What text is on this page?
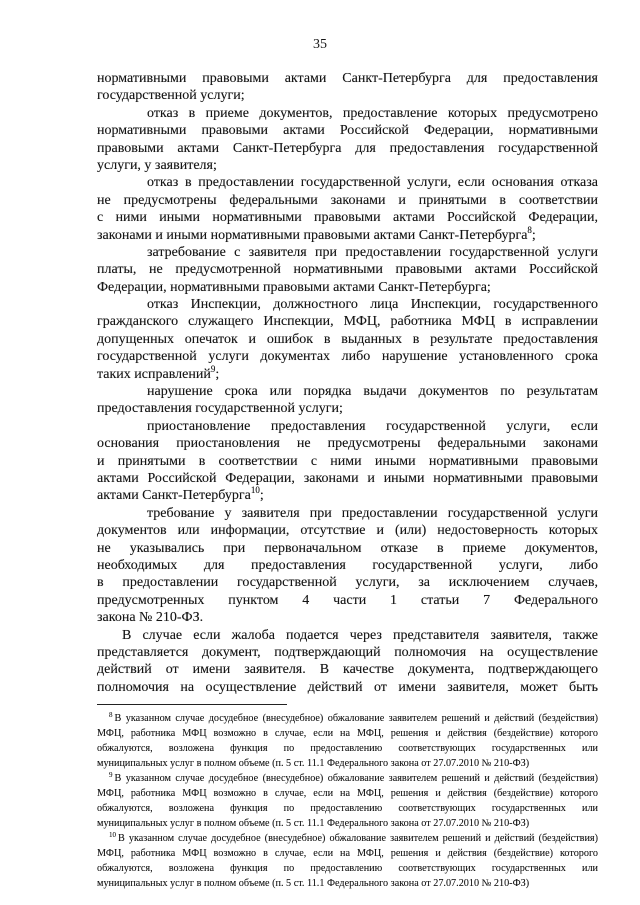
35
нормативными правовыми актами Санкт-Петербурга для предоставления
государственной услуги;
отказ в приеме документов, предоставление которых предусмотрено
нормативными правовыми актами Российской Федерации, нормативными
правовыми актами Санкт-Петербурга для предоставления государственной
услуги, у заявителя;
отказ в предоставлении государственной услуги, если основания отказа
не предусмотрены федеральными законами и принятыми в соответствии
с ними иными нормативными правовыми актами Российской Федерации,
законами и иными нормативными правовыми актами Санкт-Петербурга$^8$;
затребование с заявителя при предоставлении государственной услуги
платы, не предусмотренной нормативными правовыми актами Российской
Федерации, нормативными правовыми актами Санкт-Петербурга;
отказ Инспекции, должностного лица Инспекции, государственного
гражданского служащего Инспекции, МФЦ, работника МФЦ в исправлении
допущенных опечаток и ошибок в выданных в результате предоставления
государственной услуги документах либо нарушение установленного срока
таких исправлений$^9$;
нарушение срока или порядка выдачи документов по результатам
предоставления государственной услуги;
приостановление предоставления государственной услуги, если
основания приостановления не предусмотрены федеральными законами
и принятыми в соответствии с ними иными нормативными правовыми
актами Российской Федерации, законами и иными нормативными правовыми
актами Санкт-Петербурга$^{10}$;
требование у заявителя при предоставлении государственной услуги
документов или информации, отсутствие и (или) недостоверность которых
не указывались при первоначальном отказе в приеме документов,
необходимых для предоставления государственной услуги, либо
в предоставлении государственной услуги, за исключением случаев,
предусмотренных пунктом 4 части 1 статьи 7 Федерального
закона № 210-ФЗ.
В случае если жалоба подается через представителя заявителя, также
представляется документ, подтверждающий полномочия на осуществление
действий от имени заявителя. В качестве документа, подтверждающего
полномочия на осуществление действий от имени заявителя, может быть
$^8$ В указанном случае досудебное (внесудебное) обжалование заявителем решений и действий (бездействия)
МФЦ, работника МФЦ возможно в случае, если на МФЦ, решения и действия (бездействие) которого
обжалуются, возложена функция по предоставлению соответствующих государственных или
муниципальных услуг в полном объеме (п. 5 ст. 11.1 Федерального закона от 27.07.2010 № 210-ФЗ)
$^9$ В указанном случае досудебное (внесудебное) обжалование заявителем решений и действий (бездействия)
МФЦ, работника МФЦ возможно в случае, если на МФЦ, решения и действия (бездействие) которого
обжалуются, возложена функция по предоставлению соответствующих государственных или
муниципальных услуг в полном объеме (п. 5 ст. 11.1 Федерального закона от 27.07.2010 № 210-ФЗ)
$^{10}$ В указанном случае досудебное (внесудебное) обжалование заявителем решений и действий (бездействия)
МФЦ, работника МФЦ возможно в случае, если на МФЦ, решения и действия (бездействие) которого
обжалуются, возложена функция по предоставлению соответствующих государственных или
муниципальных услуг в полном объеме (п. 5 ст. 11.1 Федерального закона от 27.07.2010 № 210-ФЗ)
